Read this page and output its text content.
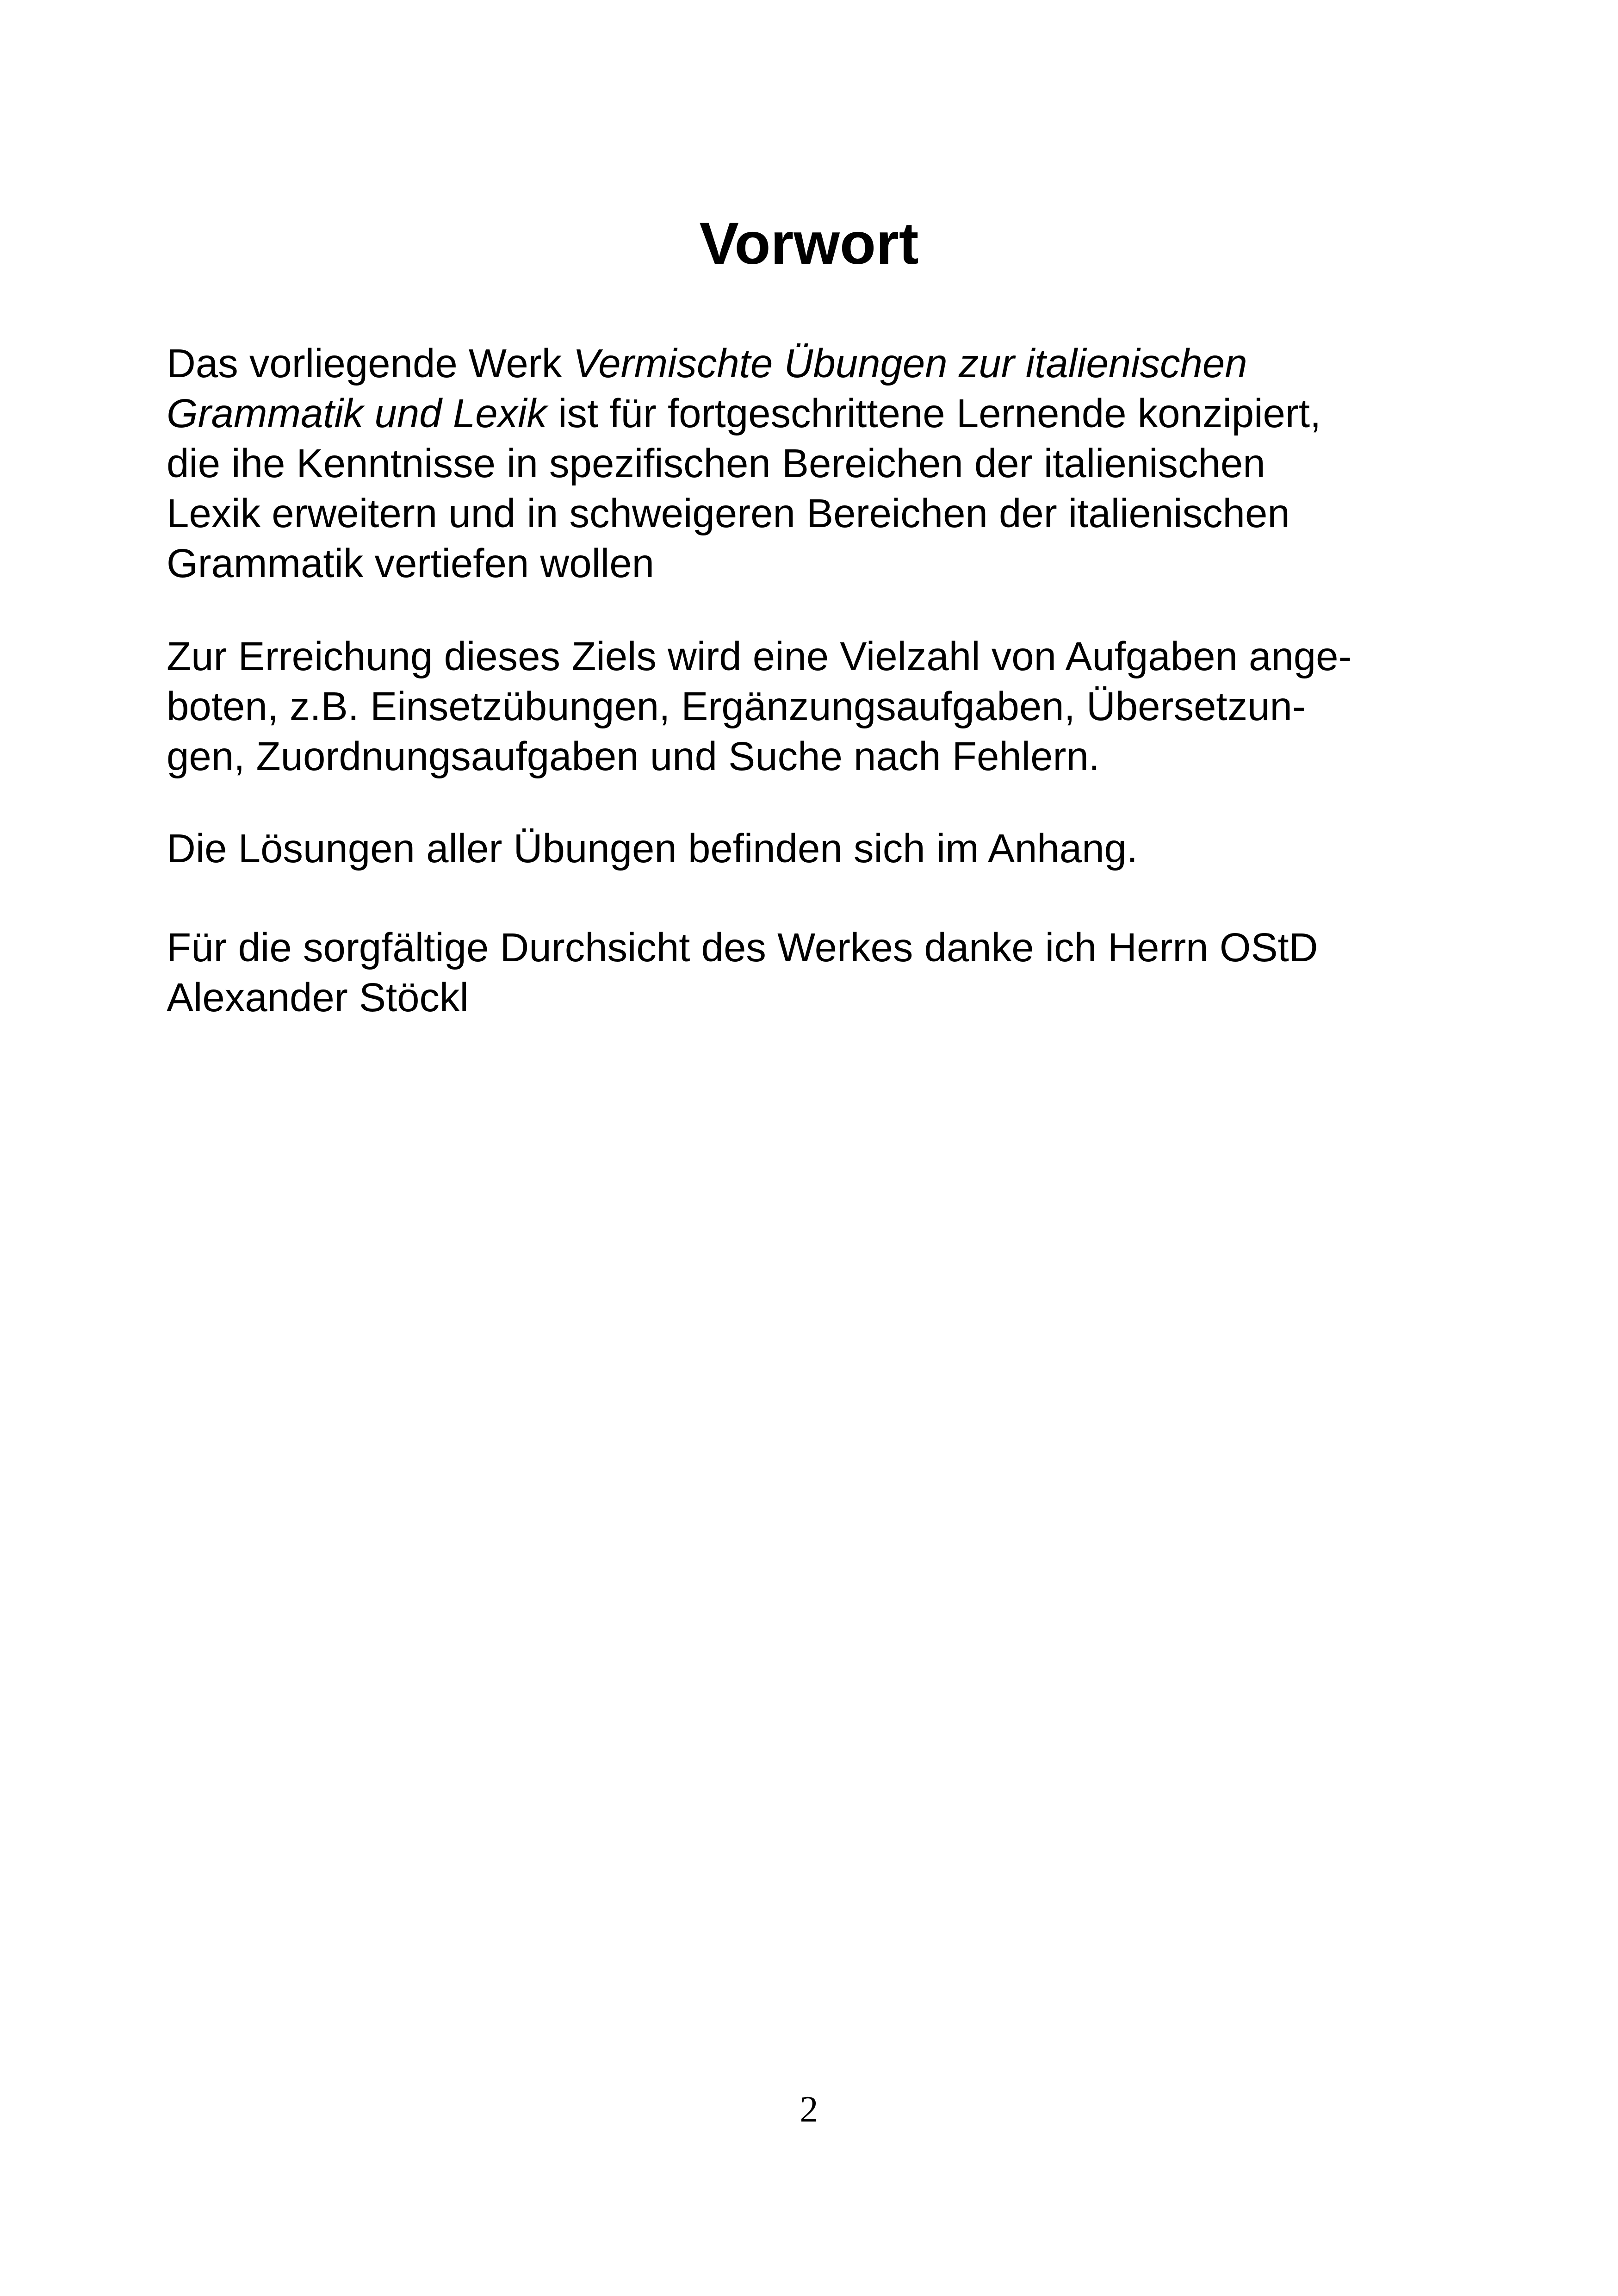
Vorwort

Das vorliegende Werk Vermischte Übungen zur italienischen
Grammatik und Lexik ist für fortgeschrittene Lernende konzipiert,
die ihe Kenntnisse in spezifischen Bereichen der italienischen
Lexik erweitern und in schweigeren Bereichen der italienischen
Grammatik vertiefen wollen

Zur Erreichung dieses Ziels wird eine Vielzahl von Aufgaben ange-
boten, z.B. Einsetzübungen, Ergänzungsaufgaben, Übersetzun-
gen, Zuordnungsaufgaben und Suche nach Fehlern.

Die Lösungen aller Übungen befinden sich im Anhang.

Für die sorgfältige Durchsicht des Werkes danke ich Herrn OStD
Alexander Stöckl

2
